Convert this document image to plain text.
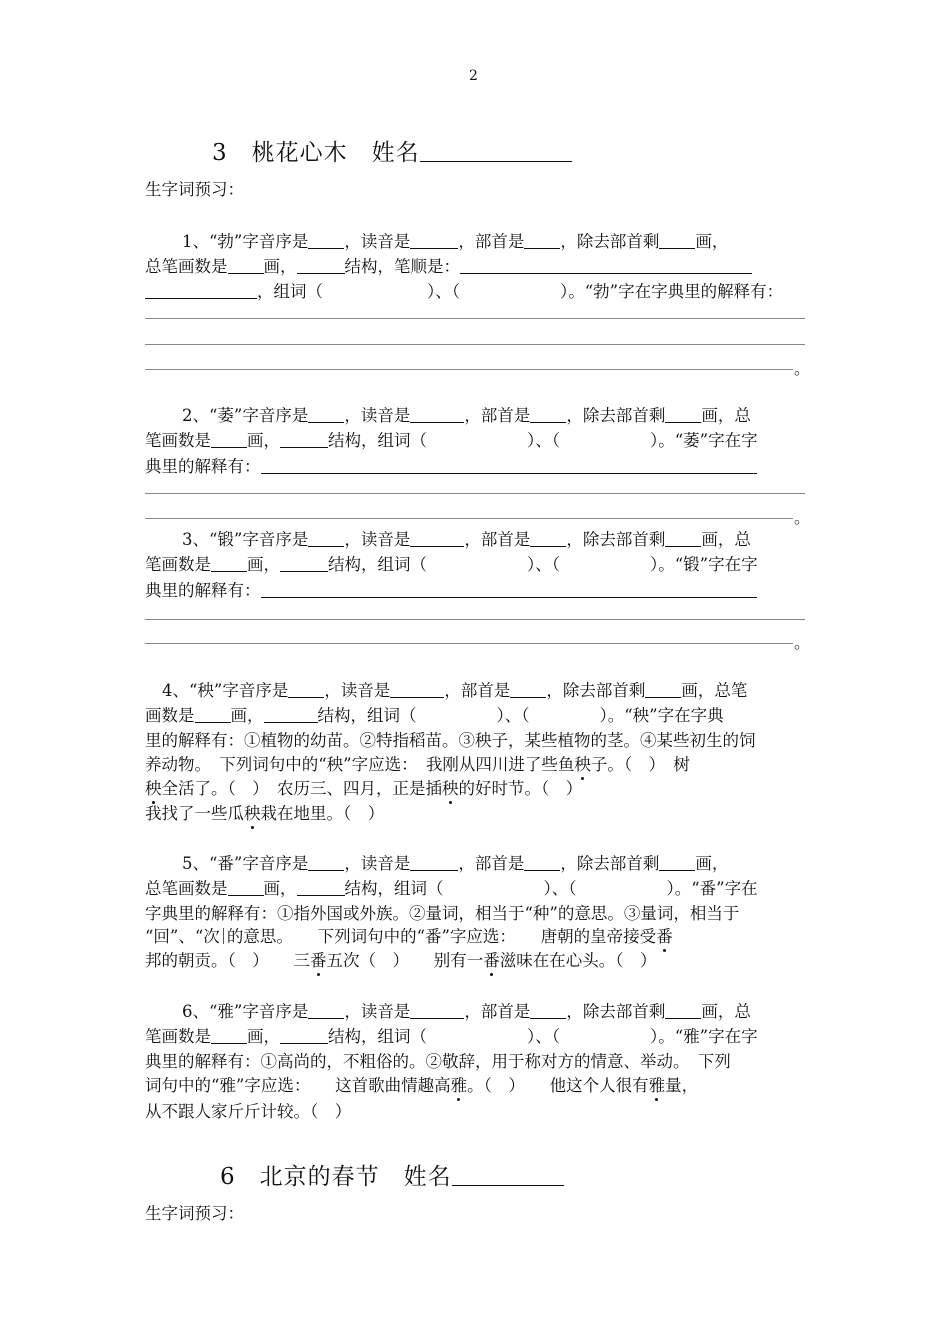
2
3　桃花心木　姓名
生字词预习：
1、“勃”字音序是 ，读音是	，部首是 ，除去部首剩 画，
总笔画数是 画，	结构，笔顺是：
，组词（	）、（	）。“勃”字在字典里的解释有：
。
2、“萎”字音序是 ，读音是	，部首是 ，除去部首剩 画，总
笔画数是 画，	结构，组词（	）、（	）。“萎”字在字
典里的解释有：
。
3、“锻”字音序是 ，读音是	，部首是 ，除去部首剩 画，总
笔画数是 画，	结构，组词（	）、（	）。“锻”字在字
典里的解释有：
。
4、“秧”字音序是 ，读音是	，部首是 ，除去部首剩 画，总笔
画数是 画，	结构，组词（	）、（	）。“秧”字在字典
里的解释有：①植物的幼苗。②特指稻苗。③秧子，某些植物的茎。④某些初生的饲
养动物。　下列词句中的“秧”字应选：　我刚从四川进了些鱼秧子。（　）　树
秧全活了。（　）　农历三、四月，正是插秧的好时节。（　）
我找了一些瓜秧栽在地里。（　）
5、“番”字音序是 ，读音是	，部首是 ，除去部首剩 画，
总笔画数是 画，	结构，组词（	）、（	）。“番”字在
字典里的解释有：①指外国或外族。②量词，相当于“种”的意思。③量词，相当于
“回”、“次 的意思。　　下列词句中的“番”字应选：　　唐朝的皇帝接受番
邦的朝贡。（　）　　三番五次（　）　　别有一番滋味在在心头。（　）
6、“雅”字音序是 ，读音是	，部首是 ，除去部首剩 画，总
笔画数是 画，	结构，组词（	）、（	）。“雅”字在字
典里的解释有：①高尚的，不粗俗的。②敬辞，用于称对方的情意、举动。　下列
词句中的“雅”字应选：　　这首歌曲情趣高雅。（　）　　他这个人很有雅量，
从不跟人家斤斤计较。（　）
6　北京的春节　姓名
生字词预习：
